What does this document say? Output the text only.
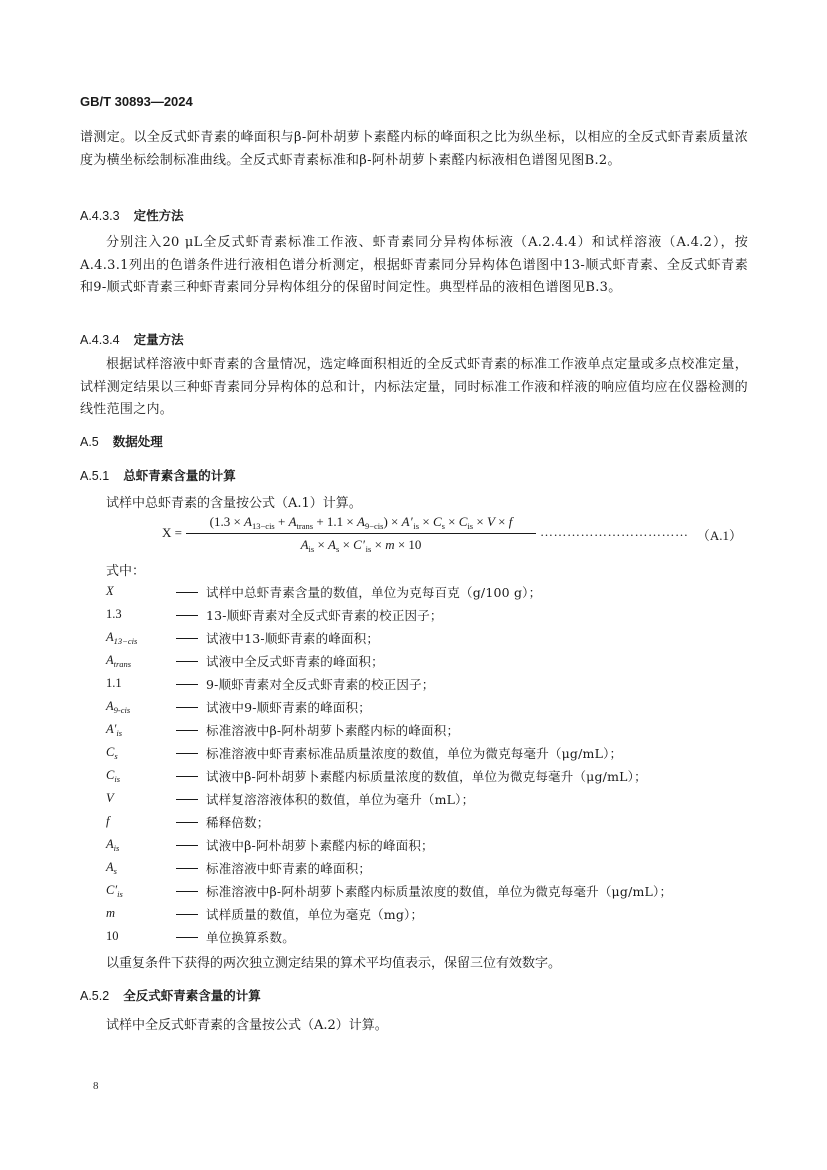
GB/T 30893—2024
谱测定。以全反式虾青素的峰面积与β-阿朴胡萝卜素醛内标的峰面积之比为纵坐标，以相应的全反式虾青素质量浓度为横坐标绘制标准曲线。全反式虾青素标准和β-阿朴胡萝卜素醛内标液相色谱图见图B.2。
A.4.3.3 定性方法
分别注入20 μL全反式虾青素标准工作液、虾青素同分异构体标液（A.2.4.4）和试样溶液（A.4.2），按A.4.3.1列出的色谱条件进行液相色谱分析测定，根据虾青素同分异构体色谱图中13-顺式虾青素、全反式虾青素和9-顺式虾青素三种虾青素同分异构体组分的保留时间定性。典型样品的液相色谱图见B.3。
A.4.3.4 定量方法
根据试样溶液中虾青素的含量情况，选定峰面积相近的全反式虾青素的标准工作液单点定量或多点校准定量，试样测定结果以三种虾青素同分异构体的总和计，内标法定量，同时标准工作液和样液的响应值均应在仪器检测的线性范围之内。
A.5 数据处理
A.5.1 总虾青素含量的计算
试样中总虾青素的含量按公式（A.1）计算。
X =
$(1.3 \times A_{13-cis} + A_{trans} + 1.1 \times A_{9-cis}) \times A'_{is} \times C_s \times C_{is} \times V \times f$
$A_{is} \times A_s \times C'_{is} \times m \times 10$
…………………………… （A.1）
式中：
X	试样中总虾青素含量的数值，单位为克每百克（g/100 g）；
1.3	13-顺虾青素对全反式虾青素的校正因子；
$A_{13-cis}$	试液中13-顺虾青素的峰面积；
$A_{trans}$	试液中全反式虾青素的峰面积；
1.1	9-顺虾青素对全反式虾青素的校正因子；
$A_{9-cis}$	试液中9-顺虾青素的峰面积；
$A'_{is}$	标准溶液中β-阿朴胡萝卜素醛内标的峰面积；
$C_s$	标准溶液中虾青素标准品质量浓度的数值，单位为微克每毫升（μg/mL）；
$C_{is}$	试液中β-阿朴胡萝卜素醛内标质量浓度的数值，单位为微克每毫升（μg/mL）；
V	试样复溶溶液体积的数值，单位为毫升（mL）；
f	稀释倍数；
$A_{is}$	试液中β-阿朴胡萝卜素醛内标的峰面积；
$A_s$	标准溶液中虾青素的峰面积；
$C'_{is}$	标准溶液中β-阿朴胡萝卜素醛内标质量浓度的数值，单位为微克每毫升（μg/mL）；
m	试样质量的数值，单位为毫克（mg）；
10	单位换算系数。
以重复条件下获得的两次独立测定结果的算术平均值表示，保留三位有效数字。
A.5.2 全反式虾青素含量的计算
试样中全反式虾青素的含量按公式（A.2）计算。
8
